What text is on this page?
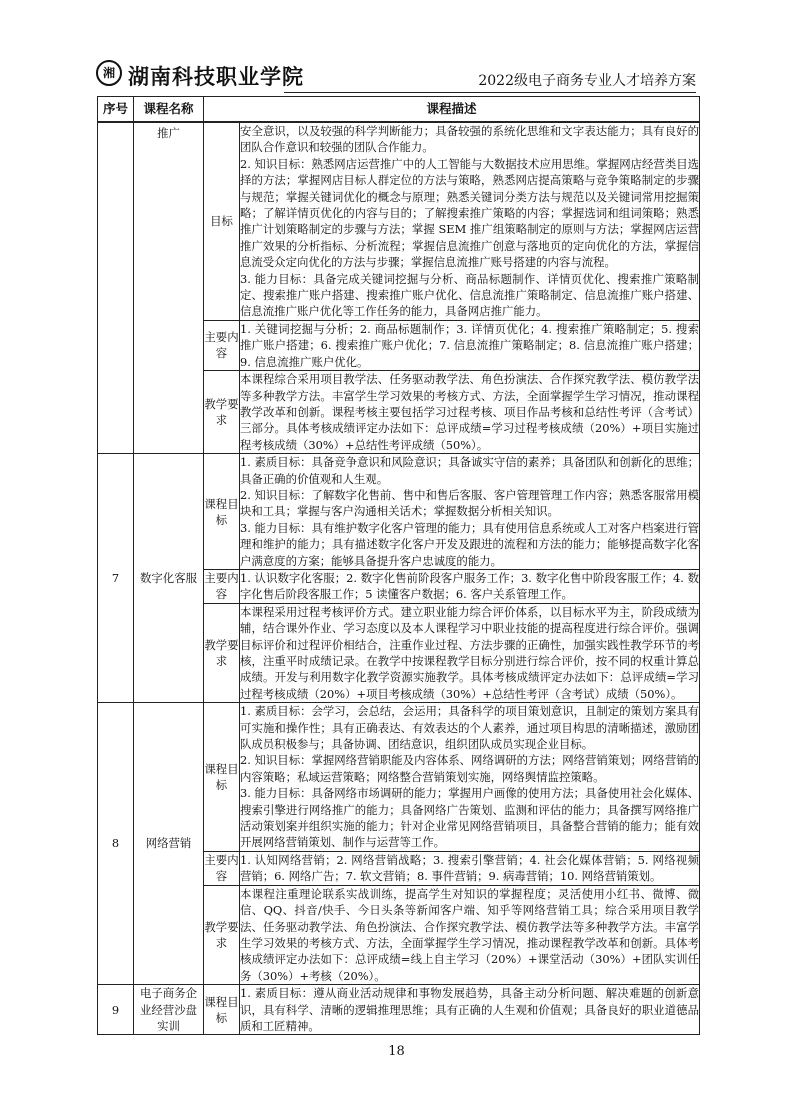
湘 湖南科技职业学院	2022级电子商务专业人才培养方案
序号	课程名称	课程描述	

	推广	目标	安全意识，以及较强的科学判断能力；具备较强的系统化思维和文字表达能力；具有良好的团队合作意识和较强的团队合作能力。

2. 知识目标：熟悉网店运营推广中的人工智能与大数据技术应用思维。掌握网店经营类目选择的方法；掌握网店目标人群定位的方法与策略，熟悉网店提高策略与竞争策略制定的步骤与规范；掌握关键词优化的概念与原理；熟悉关键词分类方法与规范以及关键词常用挖掘策略；了解详情页优化的内容与目的；了解搜索推广策略的内容；掌握选词和组词策略；熟悉推广计划策略制定的步骤与方法；掌握 SEM 推广组策略制定的原则与方法；掌握网店运营推广效果的分析指标、分析流程；掌握信息流推广创意与落地页的定向优化的方法，掌握信息流受众定向优化的方法与步骤；掌握信息流推广账号搭建的内容与流程。

3. 能力目标：具备完成关键词挖掘与分析、商品标题制作、详情页优化、搜索推广策略制定、搜索推广账户搭建、搜索推广账户优化、信息流推广策略制定、信息流推广账户搭建、信息流推广账户优化等工作任务的能力，具备网店推广能力。

		主要内容	1. 关键词挖掘与分析；2. 商品标题制作；3. 详情页优化；4. 搜索推广策略制定；5. 搜索推广账户搭建；6. 搜索推广账户优化；7. 信息流推广策略制定；8. 信息流推广账户搭建；9. 信息流推广账户优化。

		教学要求	本课程综合采用项目教学法、任务驱动教学法、角色扮演法、合作探究教学法、模仿教学法等多种教学方法。丰富学生学习效果的考核方式、方法，全面掌握学生学习情况，推动课程教学改革和创新。课程考核主要包括学习过程考核、项目作品考核和总结性考评（含考试）三部分。具体考核成绩评定办法如下：总评成绩=学习过程考核成绩（20%）+项目实施过程考核成绩（30%）+总结性考评成绩（50%）。

7	数字化客服	课程目标	1. 素质目标：具备竞争意识和风险意识；具备诚实守信的素养；具备团队和创新化的思维；具备正确的价值观和人生观。

2. 知识目标：了解数字化售前、售中和售后客服、客户管理管理工作内容；熟悉客服常用模块和工具；掌握与客户沟通相关话术；掌握数据分析相关知识。

3. 能力目标：具有维护数字化客户管理的能力；具有使用信息系统或人工对客户档案进行管理和维护的能力；具有描述数字化客户开发及跟进的流程和方法的能力；能够提高数字化客户满意度的方案；能够具备提升客户忠诚度的能力。

		主要内容	1. 认识数字化客服；2. 数字化售前阶段客户服务工作；3. 数字化售中阶段客服工作；4. 数字化售后阶段客服工作；5 读懂客户数据；6. 客户关系管理工作。

		教学要求	本课程采用过程考核评价方式。建立职业能力综合评价体系，以目标水平为主，阶段成绩为辅，结合课外作业、学习态度以及本人课程学习中职业技能的提高程度进行综合评价。强调目标评价和过程评价相结合，注重作业过程、方法步骤的正确性，加强实践性教学环节的考核，注重平时成绩记录。在教学中按课程教学目标分别进行综合评价，按不同的权重计算总成绩。开发与利用数字化教学资源实施教学。具体考核成绩评定办法如下：总评成绩=学习过程考核成绩（20%）+项目考核成绩（30%）+总结性考评（含考试）成绩（50%）。

8	网络营销	课程目标	1. 素质目标：会学习，会总结，会运用；具备科学的项目策划意识，且制定的策划方案具有可实施和操作性；具有正确表达、有效表达的个人素养，通过项目构思的清晰描述，激励团队成员积极参与；具备协调、团结意识，组织团队成员实现企业目标。

2. 知识目标：掌握网络营销职能及内容体系、网络调研的方法；网络营销策划；网络营销的内容策略；私域运营策略；网络整合营销策划实施，网络舆情监控策略。

3. 能力目标：具备网络市场调研的能力；掌握用户画像的使用方法；具备使用社会化媒体、搜索引擎进行网络推广的能力；具备网络广告策划、监测和评估的能力；具备撰写网络推广活动策划案并组织实施的能力；针对企业常见网络营销项目，具备整合营销的能力；能有效开展网络营销策划、制作与运营等工作。

		主要内容	1. 认知网络营销；2. 网络营销战略；3. 搜索引擎营销；4. 社会化媒体营销；5. 网络视频营销；6. 网络广告；7. 软文营销；8. 事件营销；9. 病毒营销；10. 网络营销策划。

		教学要求	本课程注重理论联系实战训练，提高学生对知识的掌握程度；灵活使用小红书、微博、微信、QQ、抖音/快手、今日头条等新闻客户端、知乎等网络营销工具；综合采用项目教学法、任务驱动教学法、角色扮演法、合作探究教学法、模仿教学法等多种教学方法。丰富学生学习效果的考核方式、方法，全面掌握学生学习情况，推动课程教学改革和创新。具体考核成绩评定办法如下：总评成绩=线上自主学习（20%）+课堂活动（30%）+团队实训任务（30%）+考核（20%）。

9	电子商务企业经营沙盘实训	课程目标	1. 素质目标：遵从商业活动规律和事物发展趋势，具备主动分析问题、解决难题的创新意识，具有科学、清晰的逻辑推理思维；具有正确的人生观和价值观；具备良好的职业道德品质和工匠精神。

18
